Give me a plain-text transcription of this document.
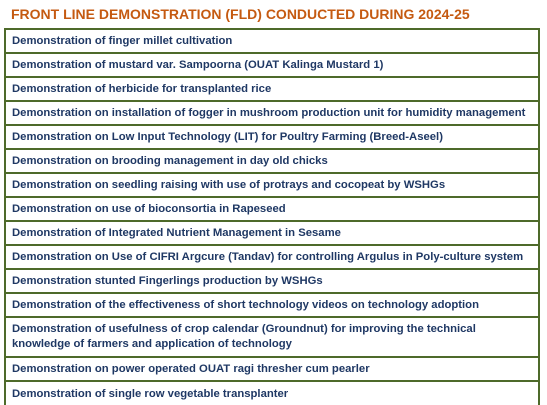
FRONT LINE DEMONSTRATION (FLD) CONDUCTED DURING 2024-25
Demonstration of finger millet cultivation
Demonstration of mustard var. Sampoorna (OUAT Kalinga Mustard 1)
Demonstration of herbicide for transplanted rice
Demonstration on installation of fogger in mushroom production unit for humidity management
Demonstration on Low Input Technology (LIT) for Poultry Farming (Breed-Aseel)
Demonstration on brooding management in day old chicks
Demonstration on seedling raising with use of protrays and cocopeat by WSHGs
Demonstration on use of bioconsortia in Rapeseed
Demonstration of Integrated Nutrient Management in Sesame
Demonstration on Use of CIFRI Argcure (Tandav) for controlling Argulus in Poly-culture system
Demonstration stunted Fingerlings production by WSHGs
Demonstration of the effectiveness of short technology videos on technology adoption
Demonstration of usefulness of crop calendar (Groundnut) for improving the technical knowledge of farmers and application of technology
Demonstration on power operated OUAT ragi thresher cum pearler
Demonstration of single row vegetable transplanter
